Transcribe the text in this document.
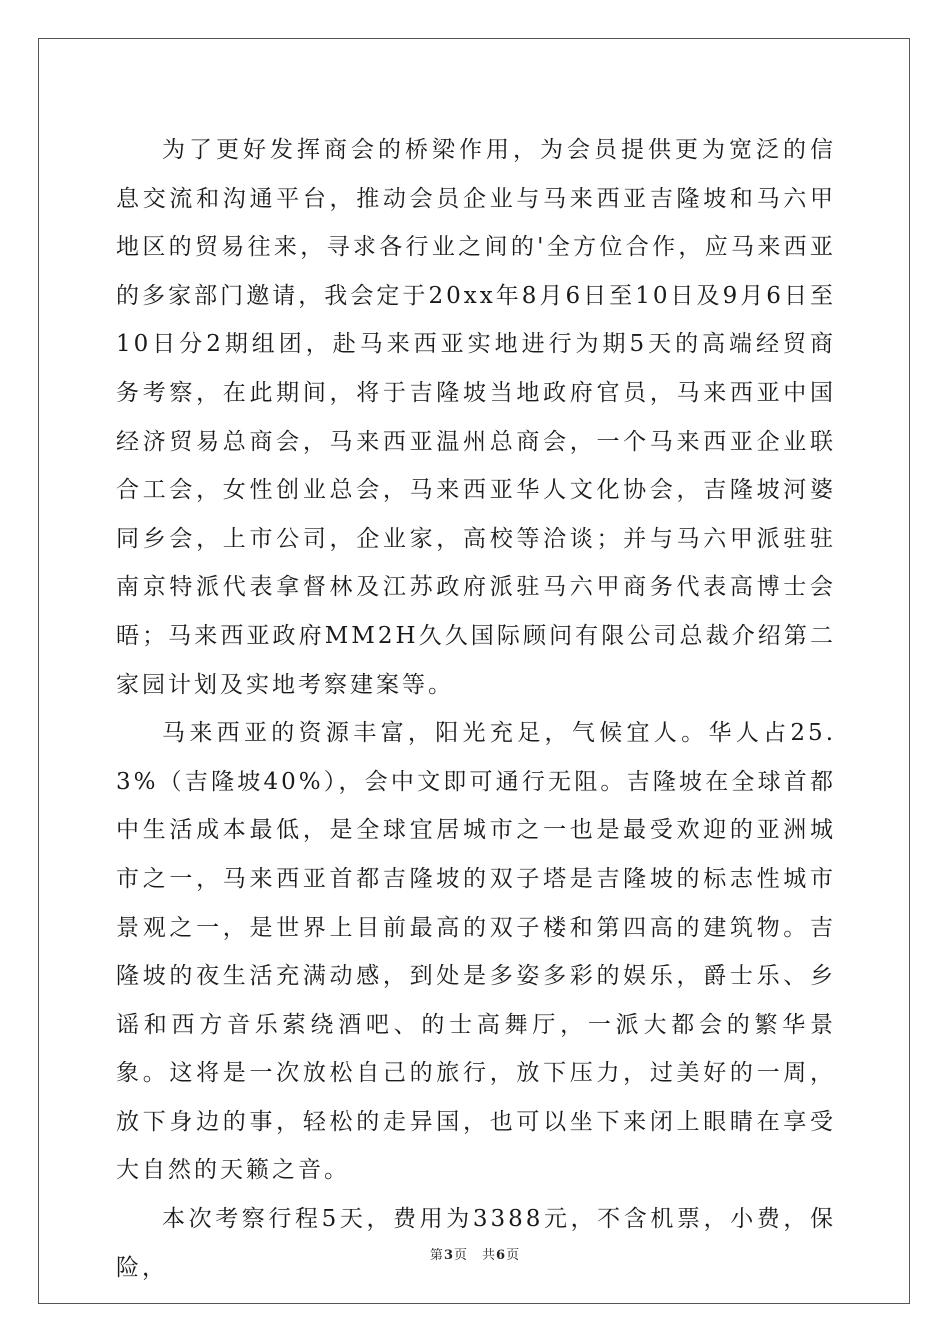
为了更好发挥商会的桥梁作用，为会员提供更为宽泛的信息交流和沟通平台，推动会员企业与马来西亚吉隆坡和马六甲地区的贸易往来，寻求各行业之间的'全方位合作，应马来西亚的多家部门邀请，我会定于20xx年8月6日至10日及9月6日至10日分2期组团，赴马来西亚实地进行为期5天的高端经贸商务考察，在此期间，将于吉隆坡当地政府官员，马来西亚中国经济贸易总商会，马来西亚温州总商会，一个马来西亚企业联合工会，女性创业总会，马来西亚华人文化协会，吉隆坡河婆同乡会，上市公司，企业家，高校等洽谈；并与马六甲派驻驻南京特派代表拿督林及江苏政府派驻马六甲商务代表高博士会晤；马来西亚政府MM2H久久国际顾问有限公司总裁介绍第二家园计划及实地考察建案等。

马来西亚的资源丰富，阳光充足，气候宜人。华人占25.3%（吉隆坡40%），会中文即可通行无阻。吉隆坡在全球首都中生活成本最低，是全球宜居城市之一也是最受欢迎的亚洲城市之一，马来西亚首都吉隆坡的双子塔是吉隆坡的标志性城市景观之一，是世界上目前最高的双子楼和第四高的建筑物。吉隆坡的夜生活充满动感，到处是多姿多彩的娱乐，爵士乐、乡谣和西方音乐萦绕酒吧、的士高舞厅，一派大都会的繁华景象。这将是一次放松自己的旅行，放下压力，过美好的一周，放下身边的事，轻松的走异国，也可以坐下来闭上眼睛在享受大自然的天籁之音。

本次考察行程5天，费用为3388元，不含机票，小费，保险，	第3页 共6页
